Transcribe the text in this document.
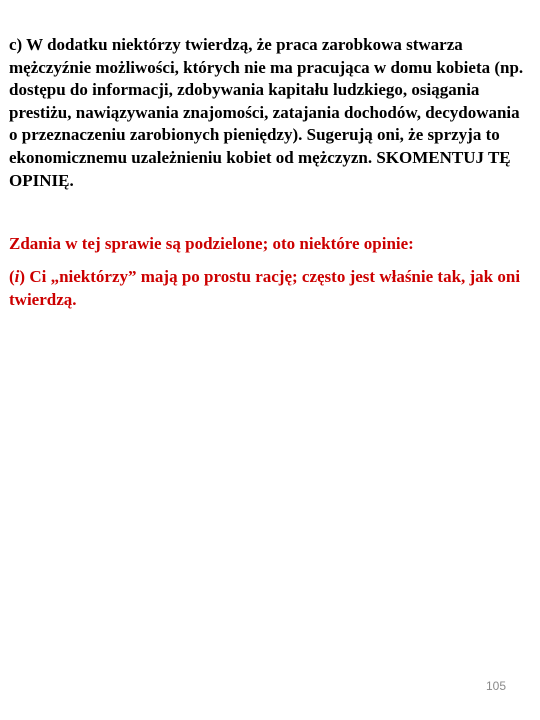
c) W dodatku niektórzy twierdzą, że praca zarobkowa stwarza mężczyźnie możliwości, których nie ma pracująca w domu kobieta (np. dostępu do informacji, zdobywania kapitału ludzkiego, osiągania prestiżu, nawiązywania znajomości, zatajania dochodów, decydowania o przeznaczeniu zarobionych pieniędzy). Sugerują oni, że sprzyja to ekonomicznemu uzależnieniu kobiet od mężczyzn. SKOMENTUJ TĘ OPINIĘ.

Zdania w tej sprawie są podzielone; oto niektóre opinie:

(i) Ci „niektórzy” mają po prostu rację; często jest właśnie tak, jak oni twierdzą.

105
